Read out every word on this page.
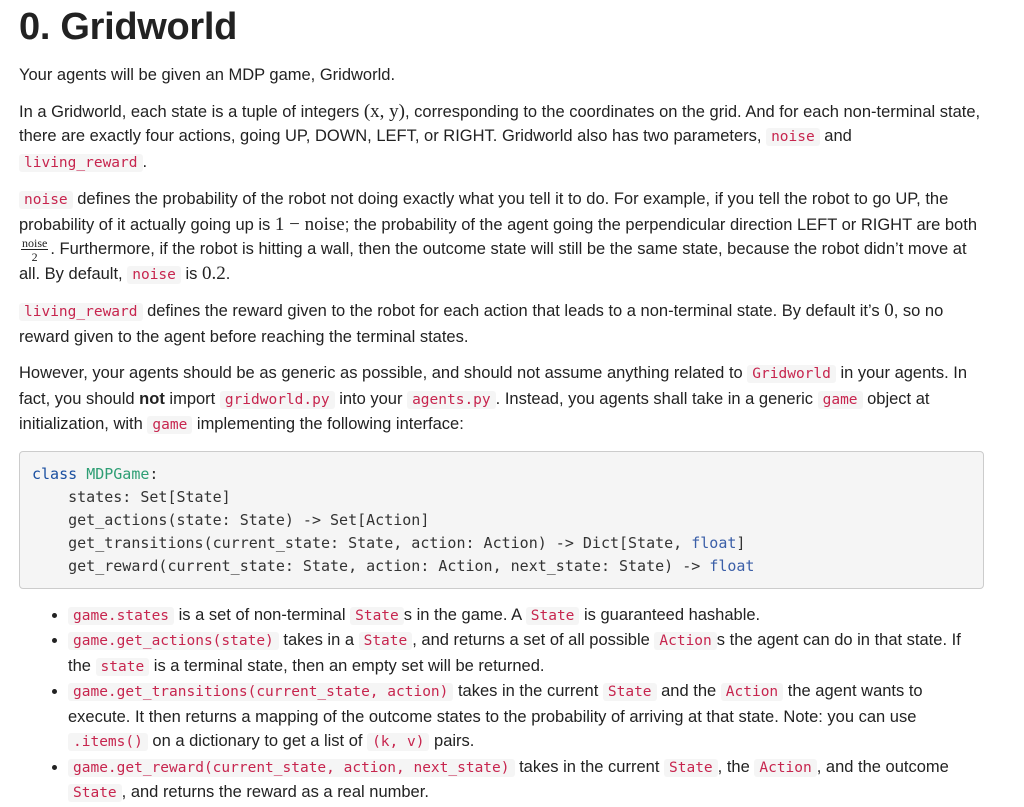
0. Gridworld

Your agents will be given an MDP game, Gridworld.

In a Gridworld, each state is a tuple of integers (x, y), corresponding to the coordinates on the grid. And for each non-terminal state, there are exactly four actions, going UP, DOWN, LEFT, or RIGHT. Gridworld also has two parameters, noise and living_reward .

noise defines the probability of the robot not doing exactly what you tell it to do. For example, if you tell the robot to go UP, the probability of it actually going up is 1 − noise; the probability of the agent going the perpendicular direction LEFT or RIGHT are both
$\frac{\text{noise}}{2}$ . Furthermore, if the robot is hitting a wall, then the outcome state will still be the same state, because the robot didn’t move at all. By default, noise is 0.2.

living_reward defines the reward given to the robot for each action that leads to a non-terminal state. By default it’s 0, so no reward given to the agent before reaching the terminal states.

However, your agents should be as generic as possible, and should not assume anything related to Gridworld in your agents. In fact, you should not import gridworld.py into your agents.py . Instead, you agents shall take in a generic game object at initialization, with game implementing the following interface:

class MDPGame:
states: Set[State]
get_actions(state: State) -> Set[Action]
get_transitions(current_state: State, action: Action) -> Dict[State, float]
get_reward(current_state: State, action: Action, next_state: State) -> float
• game.states is a set of non-terminal State s in the game. A State is guaranteed hashable.
• game.get_actions(state) takes in a State , and returns a set of all possible Action s the agent can do in that state. If the state is a terminal state, then an empty set will be returned.
• game.get_transitions(current_state, action) takes in the current State and the Action the agent wants to execute. It then returns a mapping of the outcome states to the probability of arriving at that state. Note: you can use .items() on a dictionary to get a list of (k, v) pairs.
• game.get_reward(current_state, action, next_state) takes in the current State , the Action , and the outcome State , and returns the reward as a real number.
